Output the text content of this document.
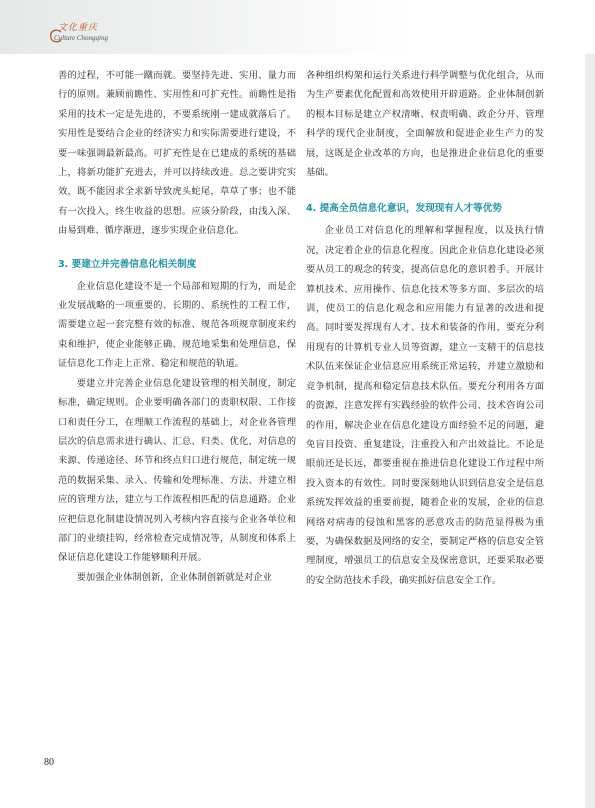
文化重庆
Culture Chongqing

善的过程，不可能一蹴而就。要坚持先进、实用、量力而行的原则。兼顾前瞻性、实用性和可扩充性。前瞻性是指采用的技术一定是先进的，不要系统刚一建成就落后了。实用性是要结合企业的经济实力和实际需要进行建设，不要一味强调最新最高。可扩充性是在已建成的系统的基础上，将新功能扩充进去，并可以持续改进。总之要讲究实效，既不能因求全求新导致虎头蛇尾，草草了事；也不能有一次投入，终生收益的思想。应该分阶段，由浅入深、由易到难、循序渐进，逐步实现企业信息化。

3. 要建立并完善信息化相关制度

企业信息化建设不是一个局部和短期的行为，而是企业发展战略的一项重要的、长期的、系统性的工程工作，需要建立起一套完整有效的标准、规范各项规章制度来约束和维护，使企业能够正确、规范地采集和处理信息，保证信息化工作走上正常、稳定和规范的轨道。

要建立并完善企业信息化建设管理的相关制度，制定标准，确定规则。企业要明确各部门的责职权限、工作接口和责任分工，在理顺工作流程的基础上，对企业各管理层次的信息需求进行确认、汇总、归类、优化，对信息的来源、传递途径、环节和终点归口进行规范，制定统一规范的数据采集、录入、传输和处理标准、方法、并建立相应的管理方法，建立与工作流程相匹配的信息通路。企业应把信息化制建设情况列入考核内容直接与企业各单位和部门的业绩挂钩，经常检查完成情况等，从制度和体系上保证信息化建设工作能够顺利开展。

要加强企业体制创新，企业体制创新就是对企业

各种组织构架和运行关系进行科学调整与优化组合，从而为生产要素优化配置和高效使用开辟道路。企业体制创新的根本目标是建立产权清晰、权责明确、政企分开、管理科学的现代企业制度，全面解放和促进企业生产力的发展，这既是企业改革的方向，也是推进企业信息化的重要基础。

4. 提高全员信息化意识，发现现有人才等优势

企业员工对信息化的理解和掌握程度，以及执行情况，决定着企业的信息化程度。因此企业信息化建设必须要从员工的观念的转变，提高信息化的意识着手。开展计算机技术、应用操作、信息化技术等多方面、多层次的培训，使员工的信息化观念和应用能力有显著的改进和提高。同时要发挥现有人才、技术和装备的作用，要充分利用现有的计算机专业人员等资源，建立一支精干的信息技术队伍来保证企业信息应用系统正常运转，并建立激励和竞争机制，提高和稳定信息技术队伍。要充分利用各方面的资源，注意发挥有实践经验的软件公司、技术咨询公司的作用，解决企业在信息化建设方面经验不足的问题，避免盲目投资、重复建设，注重投入和产出效益比。不论是眼前还是长远，都要重视在推进信息化建设工作过程中所投入资本的有效性。同时要深刻地认识到信息安全是信息系统发挥效益的重要前提，随着企业的发展，企业的信息网络对病毒的侵蚀和黑客的恶意攻击的防范显得极为重要，为确保数据及网络的安全，要制定严格的信息安全管理制度，增强员工的信息安全及保密意识，还要采取必要的安全防范技术手段，确实抓好信息安全工作。

80
